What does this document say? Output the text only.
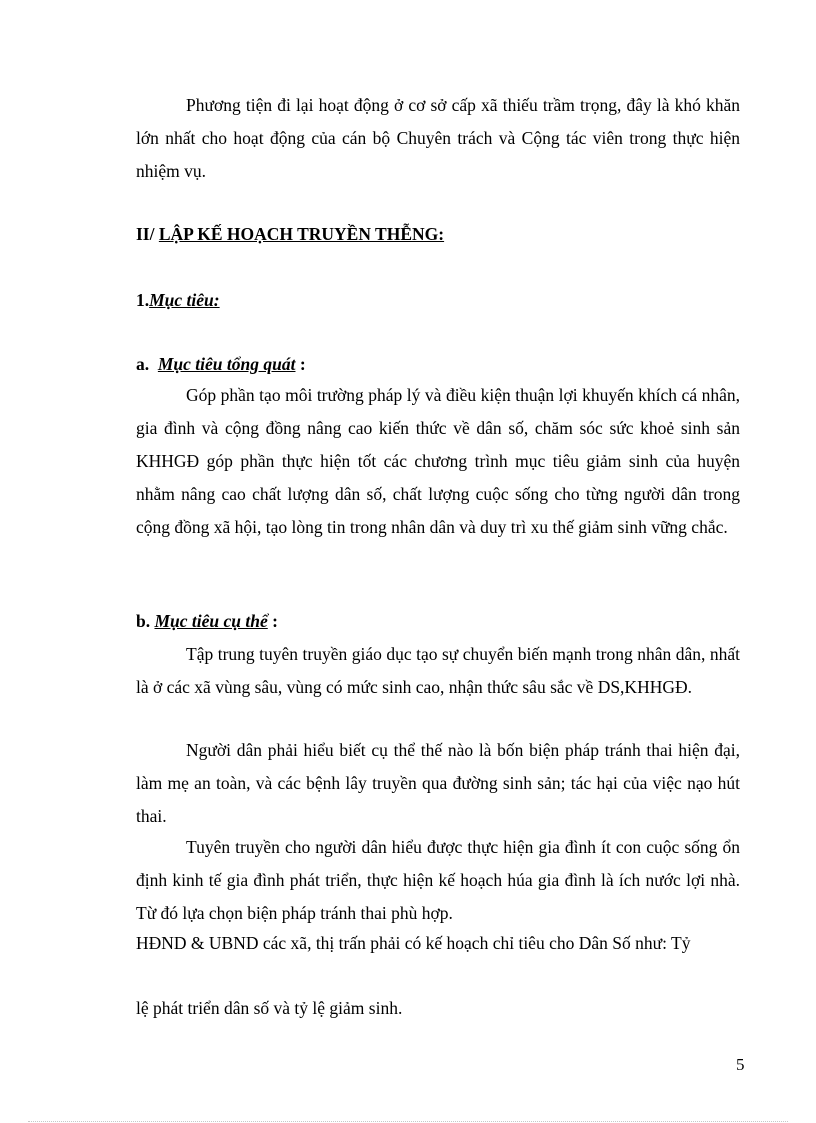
Phương tiện đi lại hoạt động ở cơ sở cấp xã thiếu trầm trọng, đây là khó khăn lớn nhất cho hoạt động của cán bộ Chuyên trách và Cộng tác viên trong thực hiện nhiệm vụ.

II/ LẬP KẾ HOẠCH TRUYỀN THỄNG:
1.Mục tiêu:
a.  Mục tiêu tổng quát :

Góp phần tạo môi trường pháp lý và điều kiện thuận lợi khuyến khích cá nhân, gia đình và cộng đồng nâng cao kiến thức về dân số, chăm sóc sức khoẻ sinh sản KHHGĐ góp phần thực hiện tốt các chương trình mục tiêu giảm sinh của huyện nhằm nâng cao chất lượng dân số, chất lượng cuộc sống cho từng người dân trong cộng đồng xã hội, tạo lòng tin trong nhân dân và duy trì xu thế giảm sinh vững chắc.

b. Mục tiêu cụ thể :

Tập trung tuyên truyền giáo dục tạo sự chuyển biến mạnh trong nhân dân, nhất là ở các xã vùng sâu, vùng có mức sinh cao, nhận thức sâu sắc về DS,KHHGĐ.

Người dân phải hiểu biết cụ thể thế nào là bốn biện pháp tránh thai hiện đại, làm mẹ an toàn, và các bệnh lây truyền qua đường sinh sản; tác hại của việc nạo hút thai.

Tuyên truyền cho người dân hiểu được thực hiện gia đình ít con cuộc sống ổn định kinh tế gia đình phát triển, thực hiện kế hoạch húa gia đình là ích nước lợi nhà. Từ đó lựa chọn biện pháp tránh thai phù hợp.

HĐND & UBND các xã, thị trấn phải có kế hoạch chỉ tiêu cho Dân Số như: Tỷ

lệ phát triển dân số và tỷ lệ giảm sinh.

5
